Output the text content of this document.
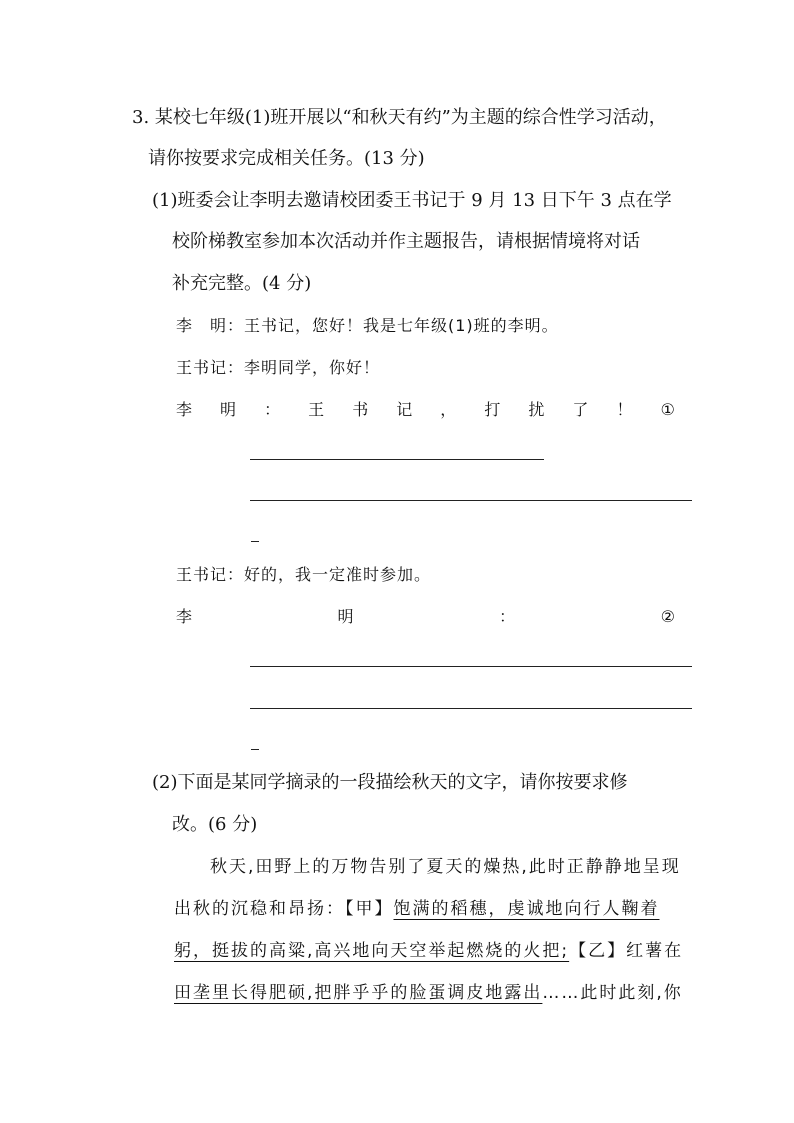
3. 某校七年级(1)班开展以“和秋天有约”为主题的综合性学习活动，
请你按要求完成相关任务。(13 分)
(1)班委会让李明去邀请校团委王书记于 9 月 13 日下午 3 点在学
校阶梯教室参加本次活动并作主题报告，请根据情境将对话
补充完整。(4 分)
李　明：王书记，您好！我是七年级(1)班的李明。
王书记：李明同学，你好！
李 明 ： 王 书 记 ， 打 扰 了 ！ ①
王书记：好的，我一定准时参加。
李	明	：	②
(2)下面是某同学摘录的一段描绘秋天的文字，请你按要求修
改。(6 分)
秋天,田野上的万物告别了夏天的燥热,此时正静静地呈现
出秋的沉稳和昂扬：【甲】饱满的稻穗，虔诚地向行人鞠着
躬，挺拔的高粱,高兴地向天空举起燃烧的火把;【乙】红薯在
田垄里长得肥硕,把胖乎乎的脸蛋调皮地露出……此时此刻,你
